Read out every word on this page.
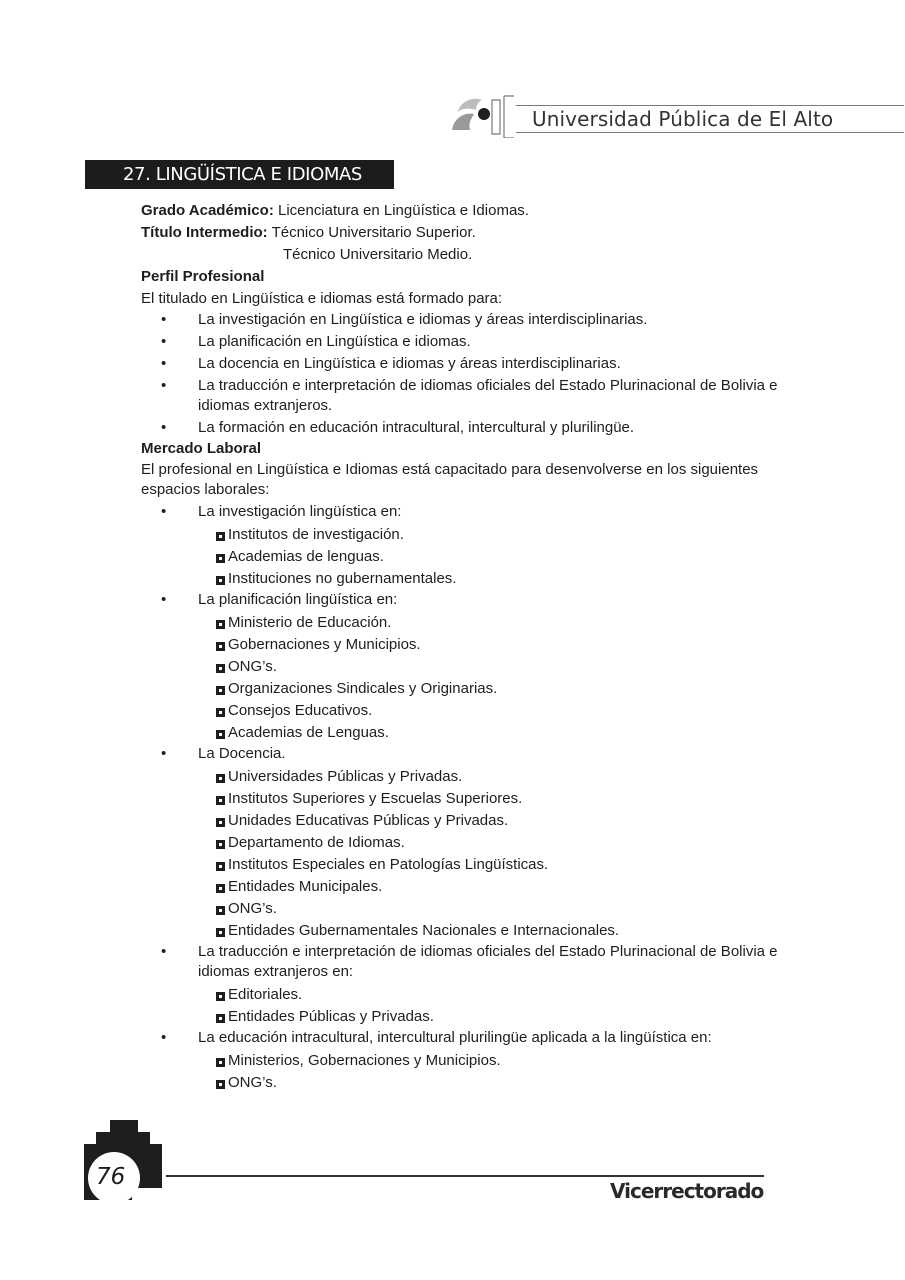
Universidad Pública de El Alto
27. LINGÜÍSTICA E IDIOMAS

Grado Académico: Licenciatura en Lingüística e Idiomas.

Título Intermedio: Técnico Universitario Superior.

Técnico Universitario Medio.

Perfil Profesional

El titulado en Lingüística e idiomas está formado para:

• La investigación en Lingüística e idiomas y áreas interdisciplinarias.
• La planificación en Lingüística e idiomas.
• La docencia en Lingüística e idiomas y áreas interdisciplinarias.
• La traducción e interpretación de idiomas oficiales del Estado Plurinacional de Bolivia e idiomas extranjeros.
• La formación en educación intracultural, intercultural y plurilingüe.

Mercado Laboral

El profesional en Lingüística e Idiomas está capacitado para desenvolverse en los siguientes espacios laborales:

• La investigación lingüística en:
Institutos de investigación.
Academias de lenguas.
Instituciones no gubernamentales.
• La planificación lingüística en:
Ministerio de Educación.
Gobernaciones y Municipios.
ONG’s.
Organizaciones Sindicales y Originarias.
Consejos Educativos.
Academias de Lenguas.
• La Docencia.
Universidades Públicas y Privadas.
Institutos Superiores y Escuelas Superiores.
Unidades Educativas Públicas y Privadas.
Departamento de Idiomas.
Institutos Especiales en Patologías Lingüísticas.
Entidades Municipales.
ONG’s.
Entidades Gubernamentales Nacionales e Internacionales.
• La traducción e interpretación de idiomas oficiales del Estado Plurinacional de Bolivia e idiomas extranjeros en:
Editoriales.
Entidades Públicas y Privadas.
• La educación intracultural, intercultural plurilingüe aplicada a la lingüística en:
Ministerios, Gobernaciones y Municipios.
ONG’s.
76
Vicerrectorado
